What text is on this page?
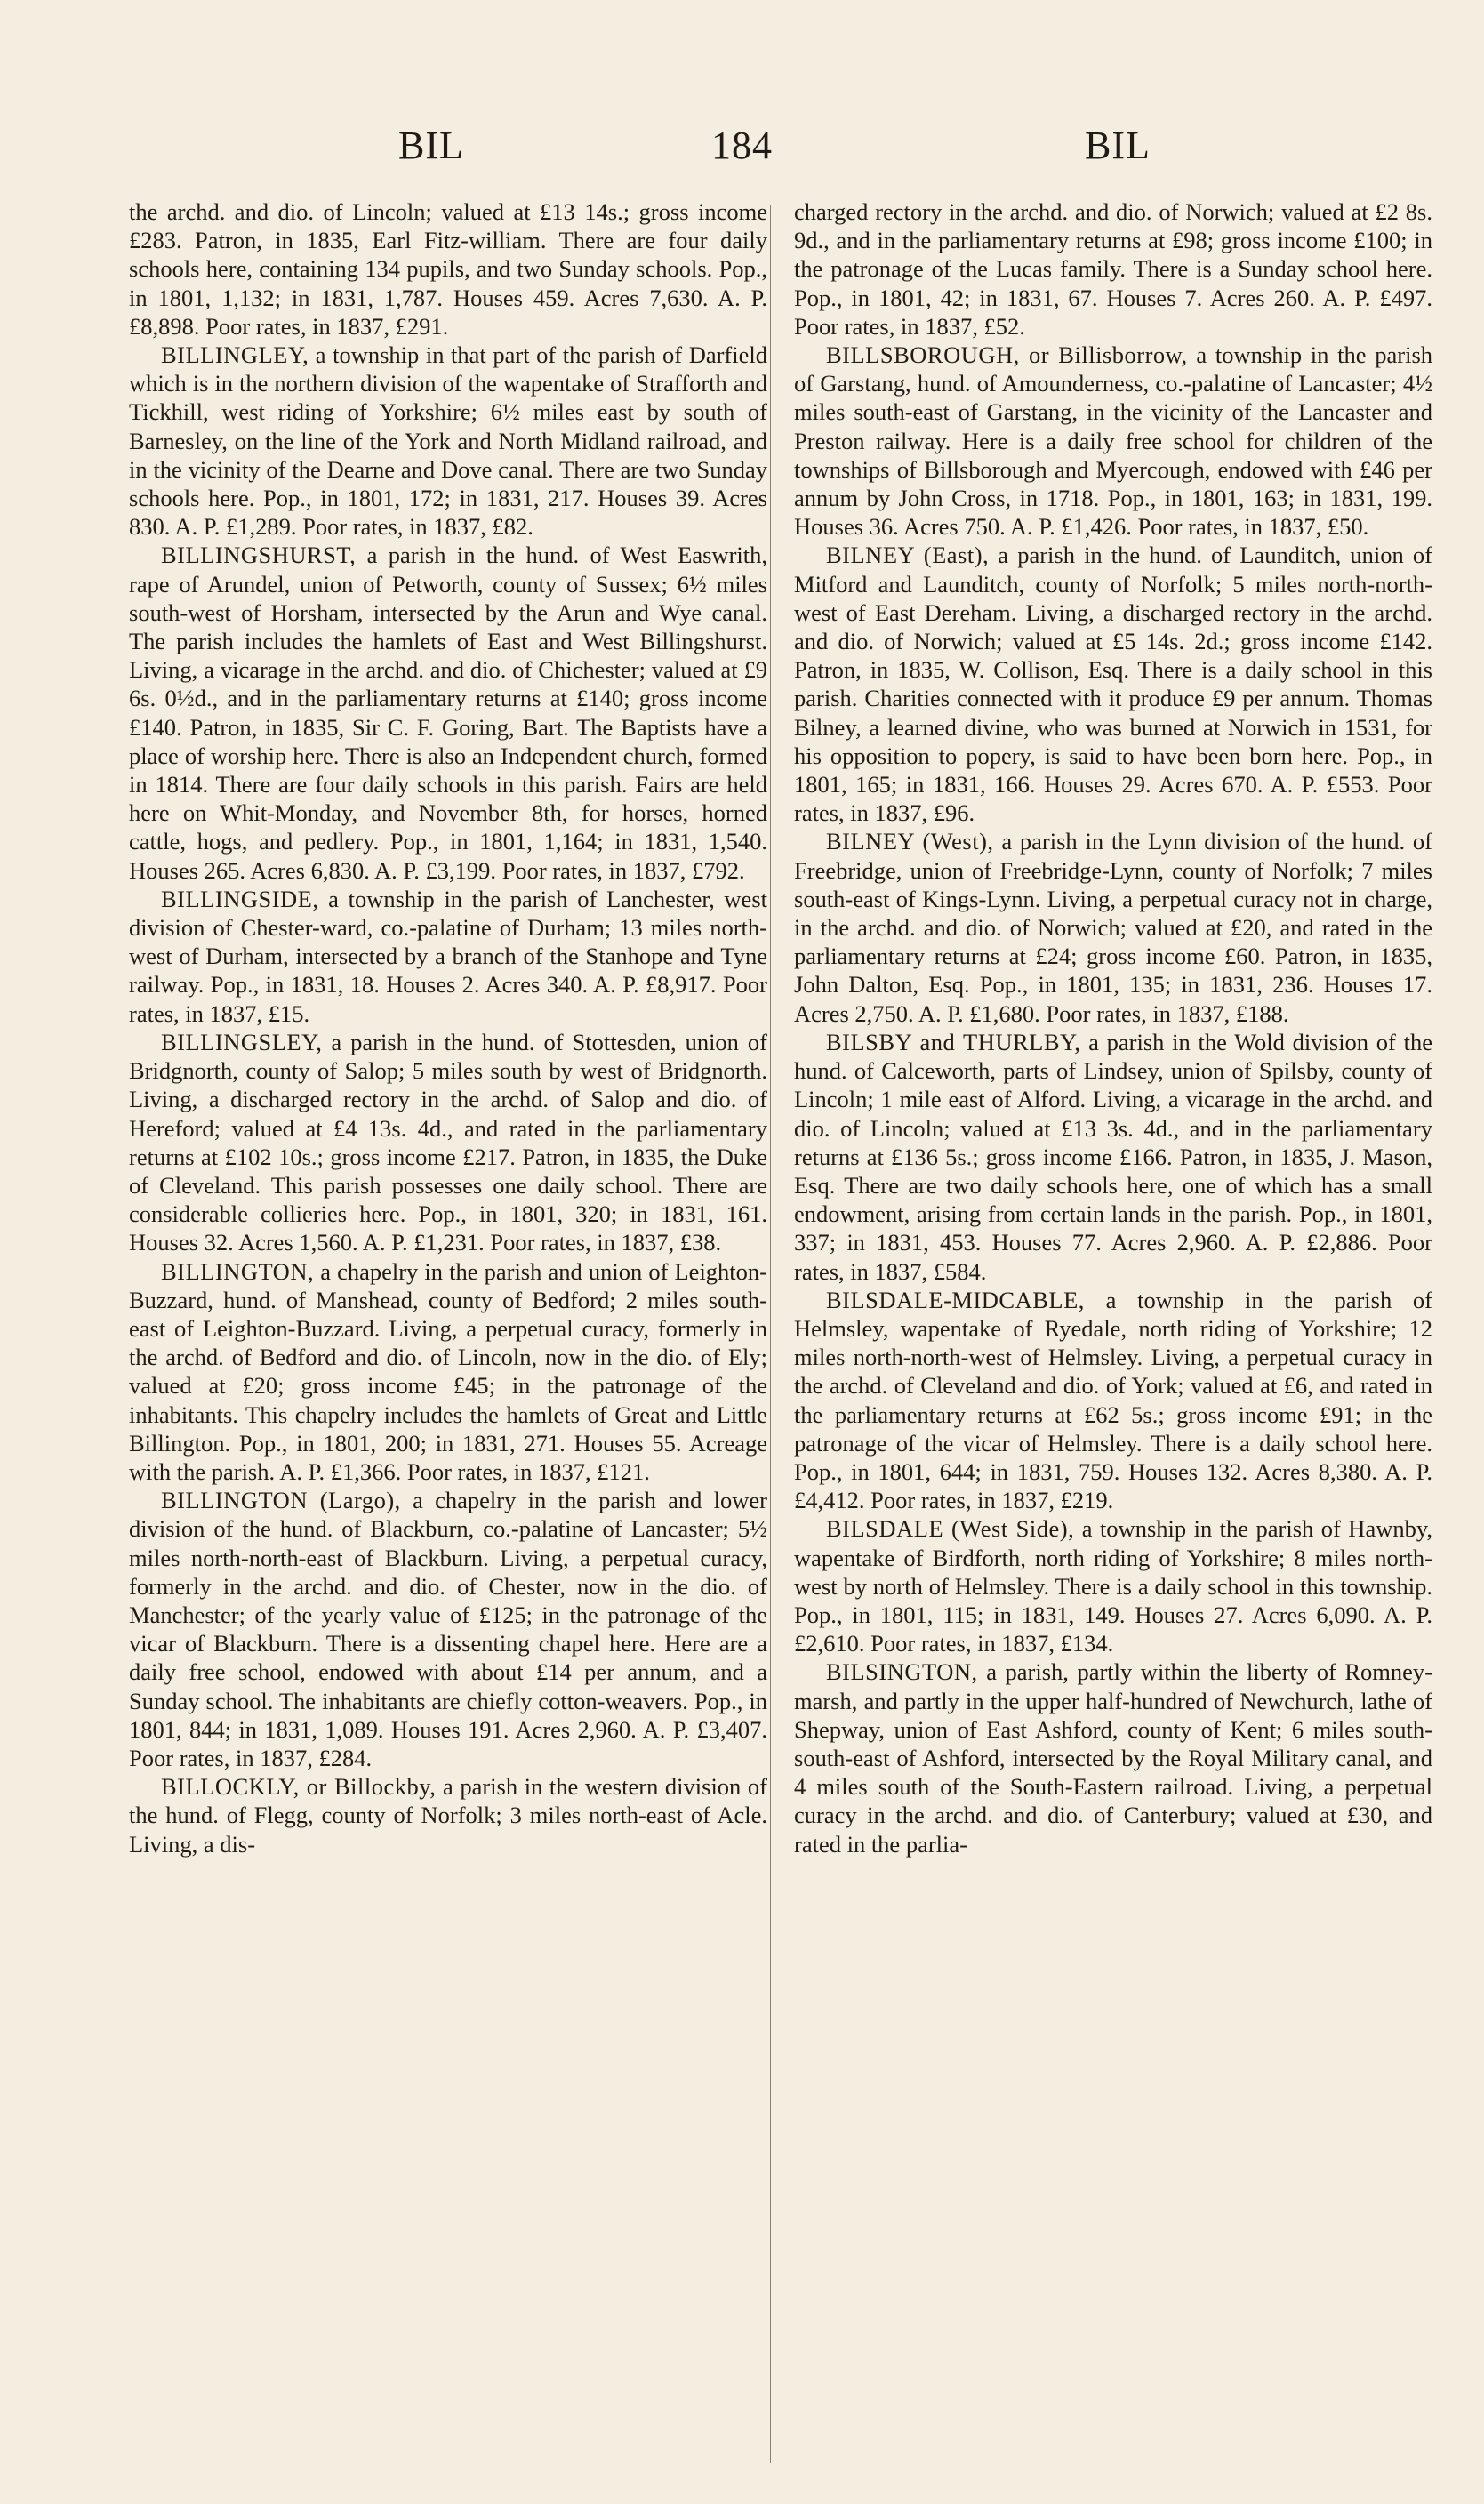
BIL	184	BIL

the archd. and dio. of Lincoln; valued at £13 14s.; gross income £283. Patron, in 1835, Earl Fitz-william. There are four daily schools here, containing 134 pupils, and two Sunday schools. Pop., in 1801, 1,132; in 1831, 1,787. Houses 459. Acres 7,630. A. P. £8,898. Poor rates, in 1837, £291.

BILLINGLEY, a township in that part of the parish of Darfield which is in the northern division of the wapentake of Strafforth and Tickhill, west riding of Yorkshire; 6½ miles east by south of Barnesley, on the line of the York and North Midland railroad, and in the vicinity of the Dearne and Dove canal. There are two Sunday schools here. Pop., in 1801, 172; in 1831, 217. Houses 39. Acres 830. A. P. £1,289. Poor rates, in 1837, £82.

BILLINGSHURST, a parish in the hund. of West Easwrith, rape of Arundel, union of Petworth, county of Sussex; 6½ miles south-west of Horsham, intersected by the Arun and Wye canal. The parish includes the hamlets of East and West Billingshurst. Living, a vicarage in the archd. and dio. of Chichester; valued at £9 6s. 0½d., and in the parliamentary returns at £140; gross income £140. Patron, in 1835, Sir C. F. Goring, Bart. The Baptists have a place of worship here. There is also an Independent church, formed in 1814. There are four daily schools in this parish. Fairs are held here on Whit-Monday, and November 8th, for horses, horned cattle, hogs, and pedlery. Pop., in 1801, 1,164; in 1831, 1,540. Houses 265. Acres 6,830. A. P. £3,199. Poor rates, in 1837, £792.

BILLINGSIDE, a township in the parish of Lanchester, west division of Chester-ward, co.-palatine of Durham; 13 miles north-west of Durham, intersected by a branch of the Stanhope and Tyne railway. Pop., in 1831, 18. Houses 2. Acres 340. A. P. £8,917. Poor rates, in 1837, £15.

BILLINGSLEY, a parish in the hund. of Stottesden, union of Bridgnorth, county of Salop; 5 miles south by west of Bridgnorth. Living, a discharged rectory in the archd. of Salop and dio. of Hereford; valued at £4 13s. 4d., and rated in the parliamentary returns at £102 10s.; gross income £217. Patron, in 1835, the Duke of Cleveland. This parish possesses one daily school. There are considerable collieries here. Pop., in 1801, 320; in 1831, 161. Houses 32. Acres 1,560. A. P. £1,231. Poor rates, in 1837, £38.

BILLINGTON, a chapelry in the parish and union of Leighton-Buzzard, hund. of Manshead, county of Bedford; 2 miles south-east of Leighton-Buzzard. Living, a perpetual curacy, formerly in the archd. of Bedford and dio. of Lincoln, now in the dio. of Ely; valued at £20; gross income £45; in the patronage of the inhabitants. This chapelry includes the hamlets of Great and Little Billington. Pop., in 1801, 200; in 1831, 271. Houses 55. Acreage with the parish. A. P. £1,366. Poor rates, in 1837, £121.

BILLINGTON (Largo), a chapelry in the parish and lower division of the hund. of Blackburn, co.-palatine of Lancaster; 5½ miles north-north-east of Blackburn. Living, a perpetual curacy, formerly in the archd. and dio. of Chester, now in the dio. of Manchester; of the yearly value of £125; in the patronage of the vicar of Blackburn. There is a dissenting chapel here. Here are a daily free school, endowed with about £14 per annum, and a Sunday school. The inhabitants are chiefly cotton-weavers. Pop., in 1801, 844; in 1831, 1,089. Houses 191. Acres 2,960. A. P. £3,407. Poor rates, in 1837, £284.

BILLOCKLY, or Billockby, a parish in the western division of the hund. of Flegg, county of Norfolk; 3 miles north-east of Acle. Living, a dis-

charged rectory in the archd. and dio. of Norwich; valued at £2 8s. 9d., and in the parliamentary returns at £98; gross income £100; in the patronage of the Lucas family. There is a Sunday school here. Pop., in 1801, 42; in 1831, 67. Houses 7. Acres 260. A. P. £497. Poor rates, in 1837, £52.

BILLSBOROUGH, or Billisborrow, a township in the parish of Garstang, hund. of Amounderness, co.-palatine of Lancaster; 4½ miles south-east of Garstang, in the vicinity of the Lancaster and Preston railway. Here is a daily free school for children of the townships of Billsborough and Myercough, endowed with £46 per annum by John Cross, in 1718. Pop., in 1801, 163; in 1831, 199. Houses 36. Acres 750. A. P. £1,426. Poor rates, in 1837, £50.

BILNEY (East), a parish in the hund. of Launditch, union of Mitford and Launditch, county of Norfolk; 5 miles north-north-west of East Dereham. Living, a discharged rectory in the archd. and dio. of Norwich; valued at £5 14s. 2d.; gross income £142. Patron, in 1835, W. Collison, Esq. There is a daily school in this parish. Charities connected with it produce £9 per annum. Thomas Bilney, a learned divine, who was burned at Norwich in 1531, for his opposition to popery, is said to have been born here. Pop., in 1801, 165; in 1831, 166. Houses 29. Acres 670. A. P. £553. Poor rates, in 1837, £96.

BILNEY (West), a parish in the Lynn division of the hund. of Freebridge, union of Freebridge-Lynn, county of Norfolk; 7 miles south-east of Kings-Lynn. Living, a perpetual curacy not in charge, in the archd. and dio. of Norwich; valued at £20, and rated in the parliamentary returns at £24; gross income £60. Patron, in 1835, John Dalton, Esq. Pop., in 1801, 135; in 1831, 236. Houses 17. Acres 2,750. A. P. £1,680. Poor rates, in 1837, £188.

BILSBY and THURLBY, a parish in the Wold division of the hund. of Calceworth, parts of Lindsey, union of Spilsby, county of Lincoln; 1 mile east of Alford. Living, a vicarage in the archd. and dio. of Lincoln; valued at £13 3s. 4d., and in the parliamentary returns at £136 5s.; gross income £166. Patron, in 1835, J. Mason, Esq. There are two daily schools here, one of which has a small endowment, arising from certain lands in the parish. Pop., in 1801, 337; in 1831, 453. Houses 77. Acres 2,960. A. P. £2,886. Poor rates, in 1837, £584.

BILSDALE-MIDCABLE, a township in the parish of Helmsley, wapentake of Ryedale, north riding of Yorkshire; 12 miles north-north-west of Helmsley. Living, a perpetual curacy in the archd. of Cleveland and dio. of York; valued at £6, and rated in the parliamentary returns at £62 5s.; gross income £91; in the patronage of the vicar of Helmsley. There is a daily school here. Pop., in 1801, 644; in 1831, 759. Houses 132. Acres 8,380. A. P. £4,412. Poor rates, in 1837, £219.

BILSDALE (West Side), a township in the parish of Hawnby, wapentake of Birdforth, north riding of Yorkshire; 8 miles north-west by north of Helmsley. There is a daily school in this township. Pop., in 1801, 115; in 1831, 149. Houses 27. Acres 6,090. A. P. £2,610. Poor rates, in 1837, £134.

BILSINGTON, a parish, partly within the liberty of Romney-marsh, and partly in the upper half-hundred of Newchurch, lathe of Shepway, union of East Ashford, county of Kent; 6 miles south-south-east of Ashford, intersected by the Royal Military canal, and 4 miles south of the South-Eastern railroad. Living, a perpetual curacy in the archd. and dio. of Canterbury; valued at £30, and rated in the parlia-
